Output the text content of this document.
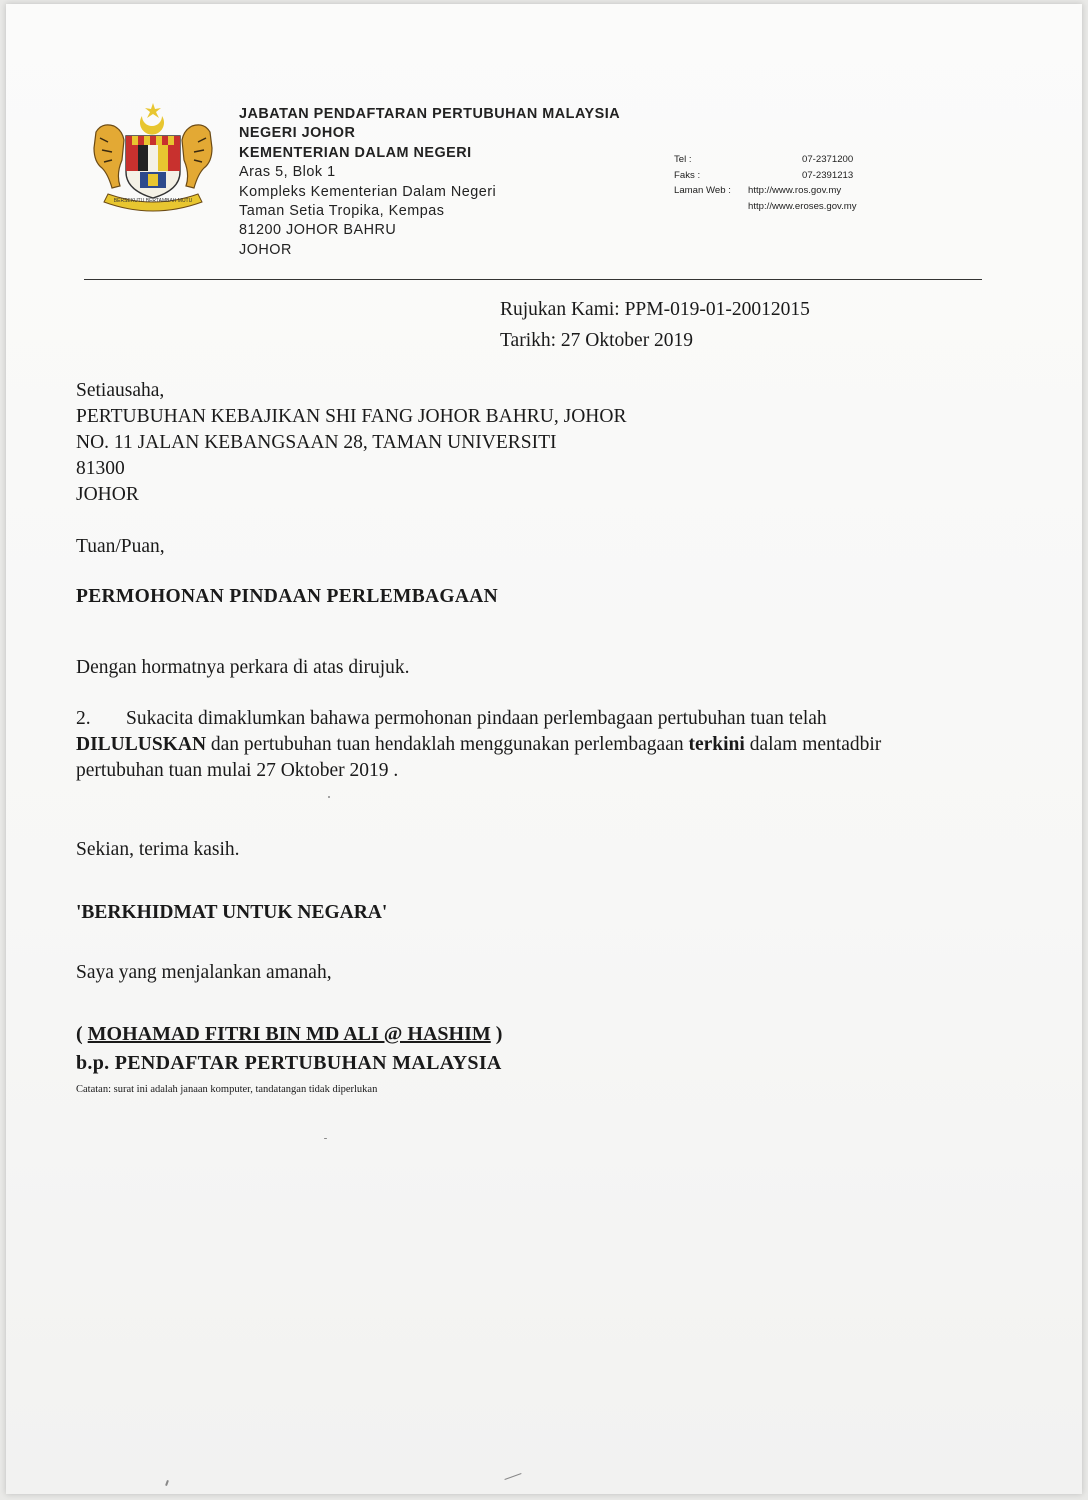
BERSEKUTU BERTAMBAH MUTU
JABATAN PENDAFTARAN PERTUBUHAN MALAYSIA
NEGERI JOHOR
KEMENTERIAN DALAM NEGERI
Aras 5, Blok 1
Kompleks Kementerian Dalam Negeri
Taman Setia Tropika, Kempas
81200 JOHOR BAHRU
JOHOR
Tel :	07-2371200
Faks :	07-2391213
Laman Web : http://www.ros.gov.my
http://www.eroses.gov.my
Rujukan Kami: PPM-019-01-20012015
Tarikh: 27 Oktober 2019
Setiausaha,
PERTUBUHAN KEBAJIKAN SHI FANG JOHOR BAHRU, JOHOR
NO. 11 JALAN KEBANGSAAN 28, TAMAN UNIVERSITI
81300
JOHOR
Tuan/Puan,
PERMOHONAN PINDAAN PERLEMBAGAAN
Dengan hormatnya perkara di atas dirujuk.
2. Sukacita dimaklumkan bahawa permohonan pindaan perlembagaan pertubuhan tuan telah DILULUSKAN dan pertubuhan tuan hendaklah menggunakan perlembagaan terkini dalam mentadbir pertubuhan tuan mulai 27 Oktober 2019 .
Sekian, terima kasih.
'BERKHIDMAT UNTUK NEGARA'
Saya yang menjalankan amanah,
( MOHAMAD FITRI BIN MD ALI @ HASHIM )
b.p. PENDAFTAR PERTUBUHAN MALAYSIA
Catatan: surat ini adalah janaan komputer, tandatangan tidak diperlukan
